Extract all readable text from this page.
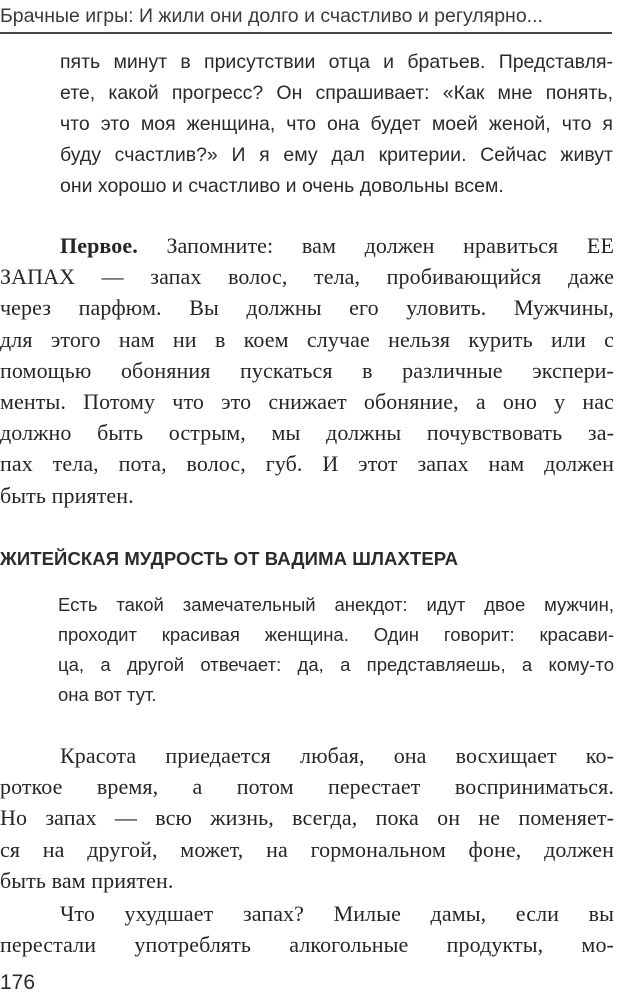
Брачные игры: И жили они долго и счастливо и регулярно...
пять минут в присутствии отца и братьев. Представля-
ете, какой прогресс? Он спрашивает: «Как мне понять,
что это моя женщина, что она будет моей женой, что я
буду счастлив?» И я ему дал критерии. Сейчас живут
они хорошо и счастливо и очень довольны всем.
Первое. Запомните: вам должен нравиться ЕЕ
ЗАПАХ — запах волос, тела, пробивающийся даже
через парфюм. Вы должны его уловить. Мужчины,
для этого нам ни в коем случае нельзя курить или с
помощью обоняния пускаться в различные экспери-
менты. Потому что это снижает обоняние, а оно у нас
должно быть острым, мы должны почувствовать за-
пах тела, пота, волос, губ. И этот запах нам должен
быть приятен.
ЖИТЕЙСКАЯ МУДРОСТЬ ОТ ВАДИМА ШЛАХТЕРА
Есть такой замечательный анекдот: идут двое мужчин,
проходит красивая женщина. Один говорит: красави-
ца, а другой отвечает: да, а представляешь, а кому-то
она вот тут.
Красота приедается любая, она восхищает ко-
роткое время, а потом перестает восприниматься.
Но запах — всю жизнь, всегда, пока он не поменяет-
ся на другой, может, на гормональном фоне, должен
быть вам приятен.
Что ухудшает запах? Милые дамы, если вы
перестали употреблять алкогольные продукты, мо-
176
